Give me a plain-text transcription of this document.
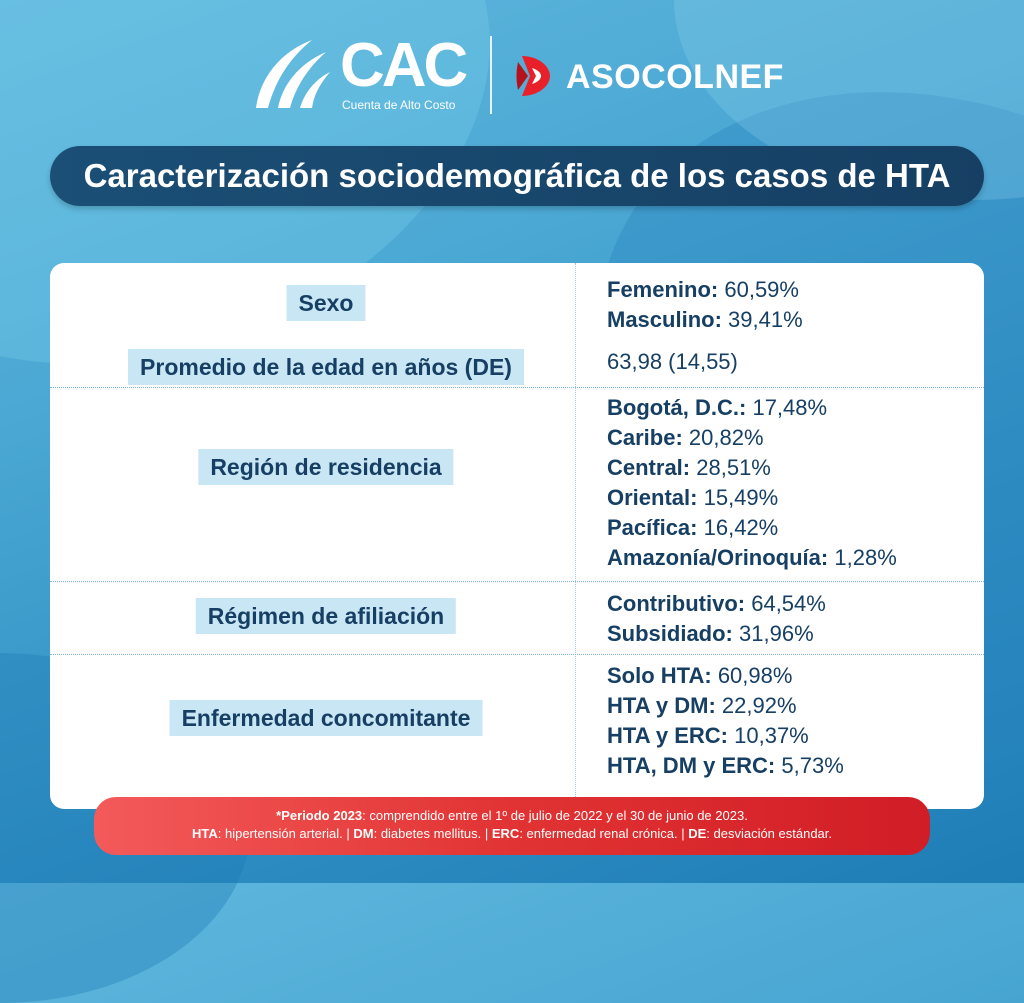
CAC
Cuenta de Alto Costo
ASOCOLNEF
Caracterización sociodemográfica de los casos de HTA
Sexo
Femenino: 60,59%
Masculino: 39,41%
Promedio de la edad en años (DE)	63,98 (14,55)
Región de residencia
Bogotá, D.C.: 17,48%
Caribe: 20,82%
Central: 28,51%
Oriental: 15,49%
Pacífica: 16,42%
Amazonía/Orinoquía: 1,28%
Régimen de afiliación	Contributivo: 64,54%
Subsidiado: 31,96%
Enfermedad concomitante
Solo HTA: 60,98%
HTA y DM: 22,92%
HTA y ERC: 10,37%
HTA, DM y ERC: 5,73%
*Periodo 2023: comprendido entre el 1º de julio de 2022 y el 30 de junio de 2023.
HTA: hipertensión arterial. | DM: diabetes mellitus. | ERC: enfermedad renal crónica. | DE: desviación estándar.
